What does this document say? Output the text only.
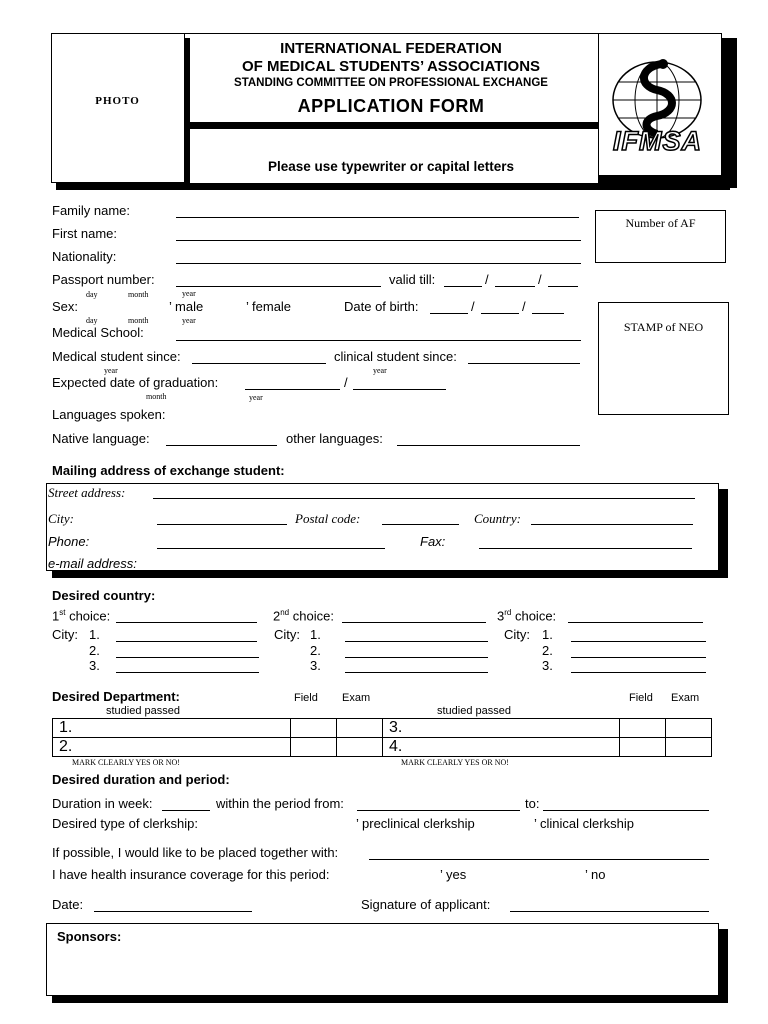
INTERNATIONAL FEDERATION
OF MEDICAL STUDENTS’ ASSOCIATIONS
STANDING COMMITTEE ON PROFESSIONAL EXCHANGE
APPLICATION FORM
Please use typewriter or capital letters
PHOTO
IFMSA
Number of AF
STAMP of NEO
Family name:
First name:
Nationality:
Passport number:	valid till:	/	/
day	month	year
Sex:	’ male	’ female	Date of birth:	/	/
day	month	year
Medical School:
Medical student since:	clinical student since:
year	year
Expected date of graduation:	/
month	year
Languages spoken:
Native language:	other languages:
Mailing address of exchange student:
Street address:
City:	Postal code:	Country:
Phone:	Fax:
e-mail address:
Desired country:
1st choice:	2nd choice:	3rd choice:
City: 1.
2.
3.
City: 1.
2.
3.
City: 1.
2.
3.
Desired Department:	Field Exam	Field Exam
studied passed	studied passed
1.			3.		
2.			4.		
MARK CLEARLY YES OR NO!	MARK CLEARLY YES OR NO!
Desired duration and period:
Duration in week:	within the period from:	to:
Desired type of clerkship:	’ preclinical clerkship	’ clinical clerkship
If possible, I would like to be placed together with:
I have health insurance coverage for this period:	’ yes	’ no
Date:	Signature of applicant:
Sponsors:
